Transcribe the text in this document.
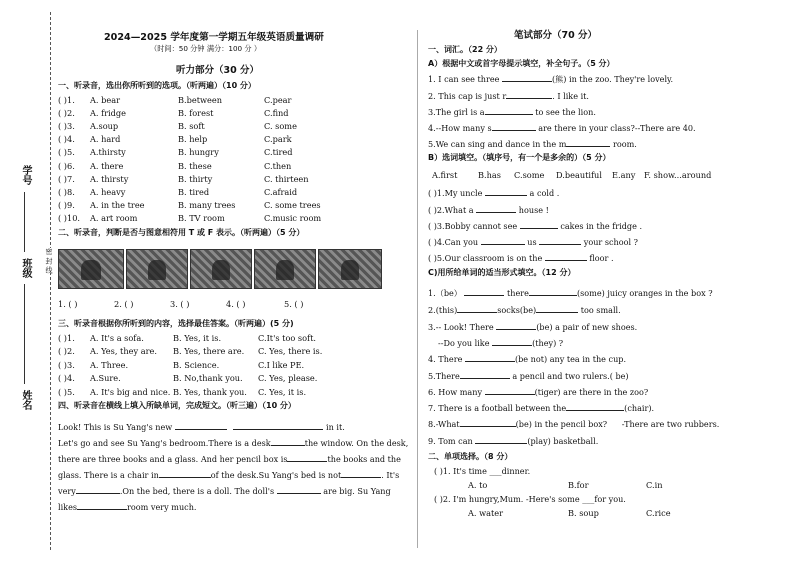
学号
班级
姓名
密 封 线
2024—2025 学年度第一学期五年级英语质量调研
（时间：50 分钟 满分：100 分 ）
听力部分（30 分）
一、听录音，选出你所听到的选项。（听两遍）（10 分）
( )1. A. bear	B.between	C.pear
( )2. A. fridge	B. forest	C.find
( )3. A.soup	B. soft	C. some
( )4. A. hard	B. help	C.park
( )5. A.thirsty	B. hungry	C.tired
( )6. A. there	B. these	C.then
( )7. A. thirsty	B. thirty	C. thirteen
( )8. A. heavy	B. tired	C.afraid
( )9. A. in the tree	B. many trees	C. some trees
( )10. A. art room	B. TV room	C.music room
二、听录音，判断是否与图意相符用 T 或 F 表示。（听两遍）（5 分）
1. ( )	2. ( )	3. ( )	4. ( )	5. ( )
三、听录音根据你所听到的内容，选择最佳答案。（听两遍）(5 分)
( )1. A. It's a sofa.	B. Yes, it is.	C.It's too soft.
( )2. A. Yes, they are. B. Yes, there are. C. Yes, there is.
( )3. A. Three.	B. Science.	C.I like PE.
( )4. A.Sure.	B. No,thank you. C. Yes, please.
( )5. A. It's big and nice. B. Yes, thank you. C. Yes, it is.
四、听录音在横线上填入所缺单词，完成短文。（听三遍）（10 分）
Look! This is Su Yang's new	in it.
Let's go and see Su Yang's bedroom.There is a desk	the window. On the desk,
there are three books and a glass. And her pencil box is	the books and the
glass. There is a chair in	of the desk.Su Yang's bed is not	. It's
very	.On the bed, there is a doll. The doll's	are big. Su Yang
likes	room very much.
笔试部分（70 分）
一、词汇。（22 分）
A）根据中文或首字母提示填空，补全句子。（5 分）
1. I can see three	(熊) in the zoo. They're lovely.
2. This cap is just r	. I like it.
3.The girl is a	to see the lion.
4.--How many s	are there in your class?--There are 40.
5.We can sing and dance in the m	room.
B）选词填空。（填序号，有一个是多余的）（5 分）
A.first	B.has C.some D.beautiful E.any F. show...around
( )1.My uncle	a cold .
( )2.What a	house !
( )3.Bobby cannot see	cakes in the fridge .
( )4.Can you	us	your school ?
( )5.Our classroom is on the	floor .
C)用所给单词的适当形式填空。（12 分）
1.（be）	there	(some) juicy oranges in the box ?
2.(this)	socks(be)	too small.
3.-- Look! There	(be) a pair of new shoes.
--Do you like	(they) ?
4. There	(be not) any tea in the cup.
5.There	a pencil and two rulers.( be)
6. How many	(tiger) are there in the zoo?
7. There is a football between the	(chair).
8.-What	(be) in the pencil box? -There are two rubbers.
9. Tom can	(play) basketball.
二、单项选择。（8 分）
( )1. It's time ___dinner.
A. to	B.for	C.in
( )2. I'm hungry,Mum. -Here's some ___for you.
A. water	B. soup	C.rice
